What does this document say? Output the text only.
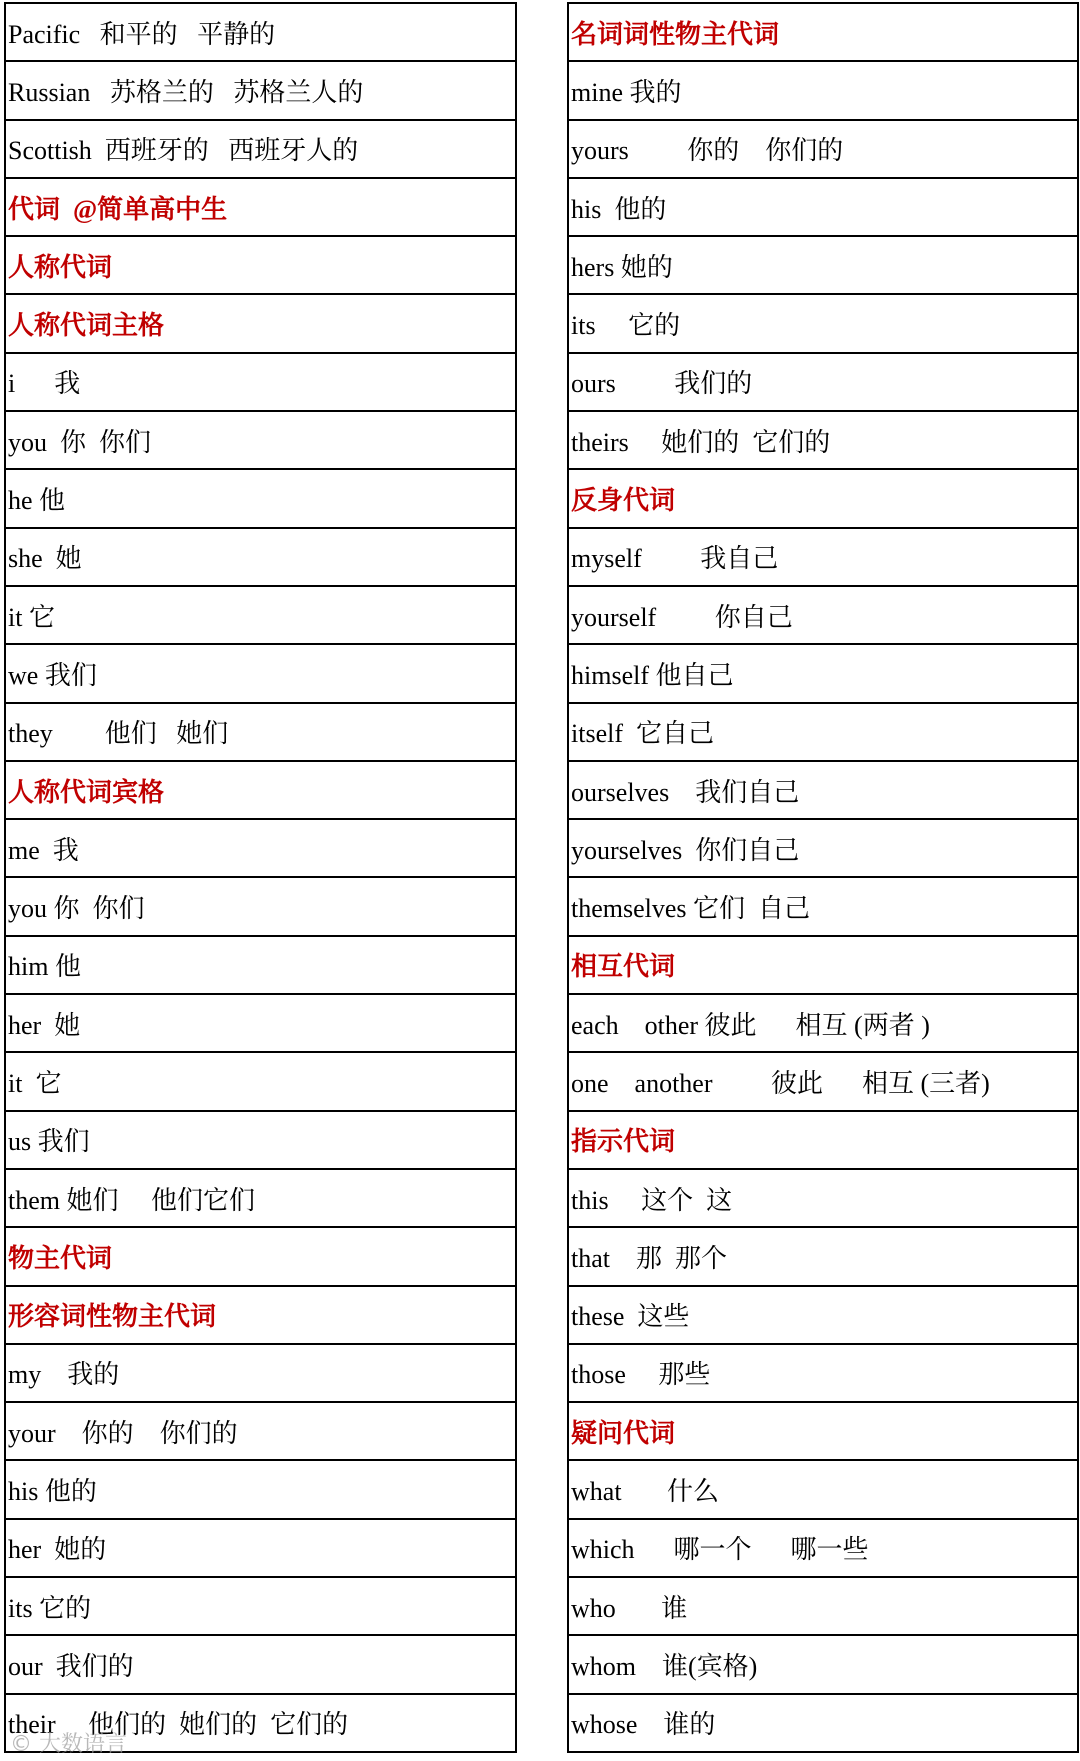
Pacific   和平的   平静的
Russian   苏格兰的   苏格兰人的
Scottish  西班牙的   西班牙人的
代词  @简单高中生
人称代词
人称代词主格
i      我
you  你  你们
he 他
she  她
it 它
we 我们
they        他们   她们
人称代词宾格
me  我
you 你  你们
him 他
her  她
it  它
us 我们
them 她们     他们它们
物主代词
形容词性物主代词
my    我的
your    你的    你们的
his 他的
her  她的
its 它的
our  我们的
their     他们的  她们的  它们的
名词词性物主代词
mine 我的
yours         你的    你们的
his  他的
hers 她的
its     它的
ours         我们的
theirs     她们的  它们的
反身代词
myself         我自己
yourself         你自己
himself 他自己
itself  它自己
ourselves    我们自己
yourselves  你们自己
themselves 它们  自己
相互代词
each    other 彼此      相互 (两者 )
one    another         彼此      相互 (三者)
指示代词
this     这个  这
that    那  那个
these  这些
those     那些
疑问代词
what       什么
which      哪一个      哪一些
who       谁
whom    谁(宾格)
whose    谁的
© 大数语言
